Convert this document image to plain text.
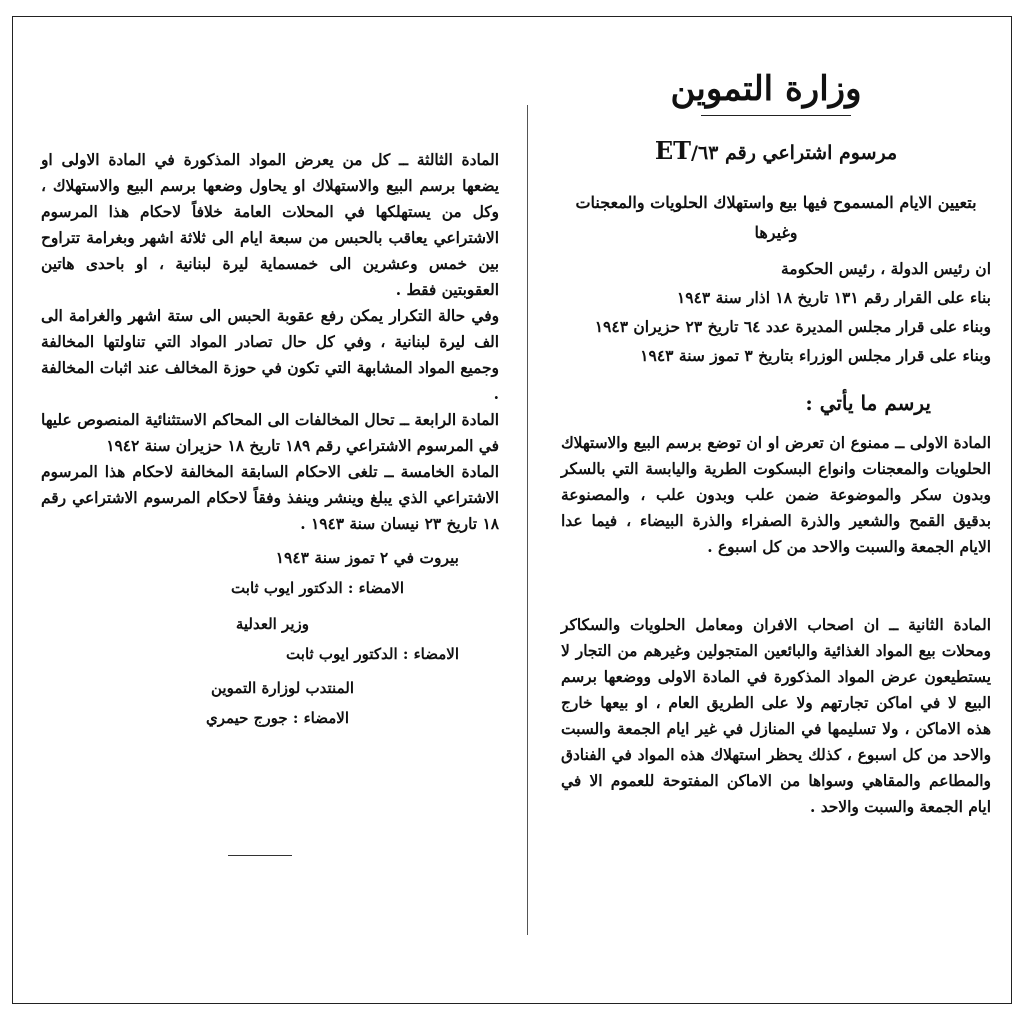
وزارة التموين

مرسوم اشتراعي رقم ٦٣/ET

بتعيين الايام المسموح فيها بيع واستهلاك الحلويات والمعجنات وغيرها

ان رئيس الدولة ، رئيس الحكومة

بناء على القرار رقم ١٣١ تاريخ ١٨ اذار سنة ١٩٤٣

وبناء على قرار مجلس المديرة عدد ٦٤ تاريخ ٢٣ حزيران ١٩٤٣

وبناء على قرار مجلس الوزراء بتاريخ ٣ تموز سنة ١٩٤٣

يرسم ما يأتي :

المادة الاولى ــ ممنوع ان تعرض او ان توضع برسم البيع والاستهلاك الحلويات والمعجنات وانواع البسكوت الطرية واليابسة التي بالسكر وبدون سكر والموضوعة ضمن علب وبدون علب ، والمصنوعة بدقيق القمح والشعير والذرة الصفراء والذرة البيضاء ، فيما عدا الايام الجمعة والسبت والاحد من كل اسبوع .

المادة الثانية ــ ان اصحاب الافران ومعامل الحلويات والسكاكر ومحلات بيع المواد الغذائية والبائعين المتجولين وغيرهم من التجار لا يستطيعون عرض المواد المذكورة في المادة الاولى ووضعها برسم البيع لا في اماكن تجارتهم ولا على الطريق العام ، او بيعها خارج هذه الاماكن ، ولا تسليمها في المنازل في غير ايام الجمعة والسبت والاحد من كل اسبوع ، كذلك يحظر استهلاك هذه المواد في الفنادق والمطاعم والمقاهي وسواها من الاماكن المفتوحة للعموم الا في ايام الجمعة والسبت والاحد .

المادة الثالثة ــ كل من يعرض المواد المذكورة في المادة الاولى او يضعها برسم البيع والاستهلاك او يحاول وضعها برسم البيع والاستهلاك ، وكل من يستهلكها في المحلات العامة خلافاً لاحكام هذا المرسوم الاشتراعي يعاقب بالحبس من سبعة ايام الى ثلاثة اشهر وبغرامة تتراوح بين خمس وعشرين الى خمسماية ليرة لبنانية ، او باحدى هاتين العقوبتين فقط .

وفي حالة التكرار يمكن رفع عقوبة الحبس الى ستة اشهر والغرامة الى الف ليرة لبنانية ، وفي كل حال تصادر المواد التي تناولتها المخالفة وجميع المواد المشابهة التي تكون في حوزة المخالف عند اثبات المخالفة .

المادة الرابعة ــ تحال المخالفات الى المحاكم الاستثنائية المنصوص عليها في المرسوم الاشتراعي رقم ١٨٩ تاريخ ١٨ حزيران سنة ١٩٤٢

المادة الخامسة ــ تلغى الاحكام السابقة المخالفة لاحكام هذا المرسوم الاشتراعي الذي يبلغ وينشر وينفذ وفقاً لاحكام المرسوم الاشتراعي رقم ١٨ تاريخ ٢٣ نيسان سنة ١٩٤٣ .

بيروت في ٢ تموز سنة ١٩٤٣

الامضاء : الدكتور ايوب ثابت

وزير العدلية

الامضاء : الدكتور ايوب ثابت

المنتدب لوزارة التموين

الامضاء : جورج حيمري
